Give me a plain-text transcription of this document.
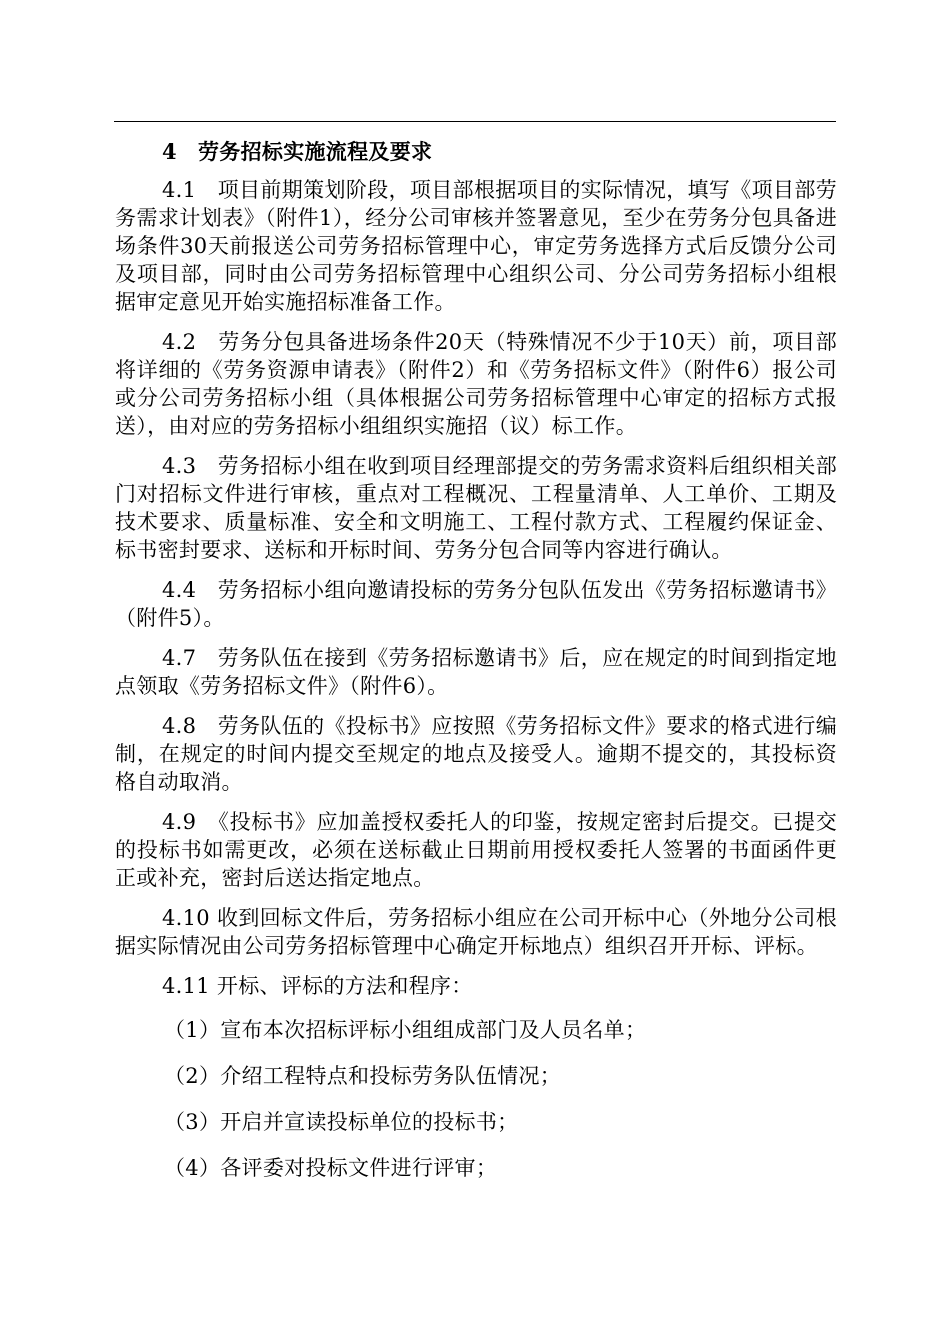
4 劳务招标实施流程及要求

4.1　项目前期策划阶段，项目部根据项目的实际情况，填写《项目部劳务需求计划表》（附件1），经分公司审核并签署意见，至少在劳务分包具备进场条件30天前报送公司劳务招标管理中心，审定劳务选择方式后反馈分公司及项目部，同时由公司劳务招标管理中心组织公司、分公司劳务招标小组根据审定意见开始实施招标准备工作。

4.2　劳务分包具备进场条件20天（特殊情况不少于10天）前，项目部将详细的《劳务资源申请表》（附件2）和《劳务招标文件》（附件6）报公司或分公司劳务招标小组（具体根据公司劳务招标管理中心审定的招标方式报送），由对应的劳务招标小组组织实施招（议）标工作。

4.3　劳务招标小组在收到项目经理部提交的劳务需求资料后组织相关部门对招标文件进行审核，重点对工程概况、工程量清单、人工单价、工期及技术要求、质量标准、安全和文明施工、工程付款方式、工程履约保证金、标书密封要求、送标和开标时间、劳务分包合同等内容进行确认。

4.4　劳务招标小组向邀请投标的劳务分包队伍发出《劳务招标邀请书》（附件5）。

4.7　劳务队伍在接到《劳务招标邀请书》后，应在规定的时间到指定地点领取《劳务招标文件》（附件6）。

4.8　劳务队伍的《投标书》应按照《劳务招标文件》要求的格式进行编制，在规定的时间内提交至规定的地点及接受人。逾期不提交的，其投标资格自动取消。

4.9　《投标书》应加盖授权委托人的印鉴，按规定密封后提交。已提交的投标书如需更改，必须在送标截止日期前用授权委托人签署的书面函件更正或补充，密封后送达指定地点。

4.10 收到回标文件后，劳务招标小组应在公司开标中心（外地分公司根据实际情况由公司劳务招标管理中心确定开标地点）组织召开开标、评标。

4.11 开标、评标的方法和程序：

（1）宣布本次招标评标小组组成部门及人员名单；

（2）介绍工程特点和投标劳务队伍情况；

（3）开启并宣读投标单位的投标书；

（4）各评委对投标文件进行评审；
